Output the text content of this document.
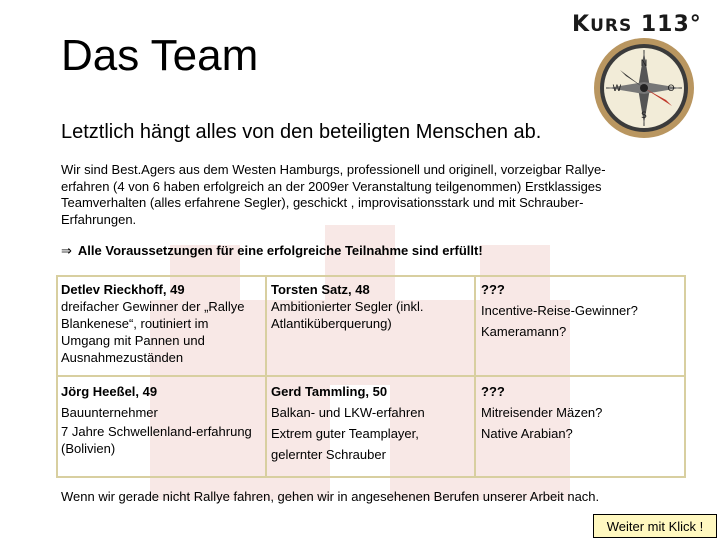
Das Team
KURS 113°
N
S
W	O
Letztlich hängt alles von den beteiligten Menschen ab.
Wir sind Best.Agers aus dem Westen Hamburgs, professionell und originell, vorzeigbar Rallye-erfahren (4 von 6 haben erfolgreich an der 2009er Veranstaltung teilgenommen) Erstklassiges Teamverhalten (alles erfahrene Segler), geschickt , improvisationsstark und mit Schrauber-Erfahrungen.
⇒ Alle Voraussetzungen für eine erfolgreiche Teilnahme sind erfüllt!
Detlev Rieckhoff, 49
dreifacher Gewinner der „Rallye Blankenese“, routiniert im Umgang mit Pannen und Ausnahmezuständen
Torsten Satz, 48
Ambitionierter Segler (inkl. Atlantiküberquerung)
???
Incentive-Reise-Gewinner?
Kameramann?
Jörg Heeßel, 49
Bauunternehmer
7 Jahre Schwellenland-erfahrung (Bolivien)
Gerd Tammling, 50
Balkan- und LKW-erfahren
Extrem guter Teamplayer, gelernter Schrauber
???
Mitreisender Mäzen?
Native Arabian?
Wenn wir gerade nicht Rallye fahren, gehen wir in angesehenen Berufen unserer Arbeit nach.
Weiter mit Klick !
